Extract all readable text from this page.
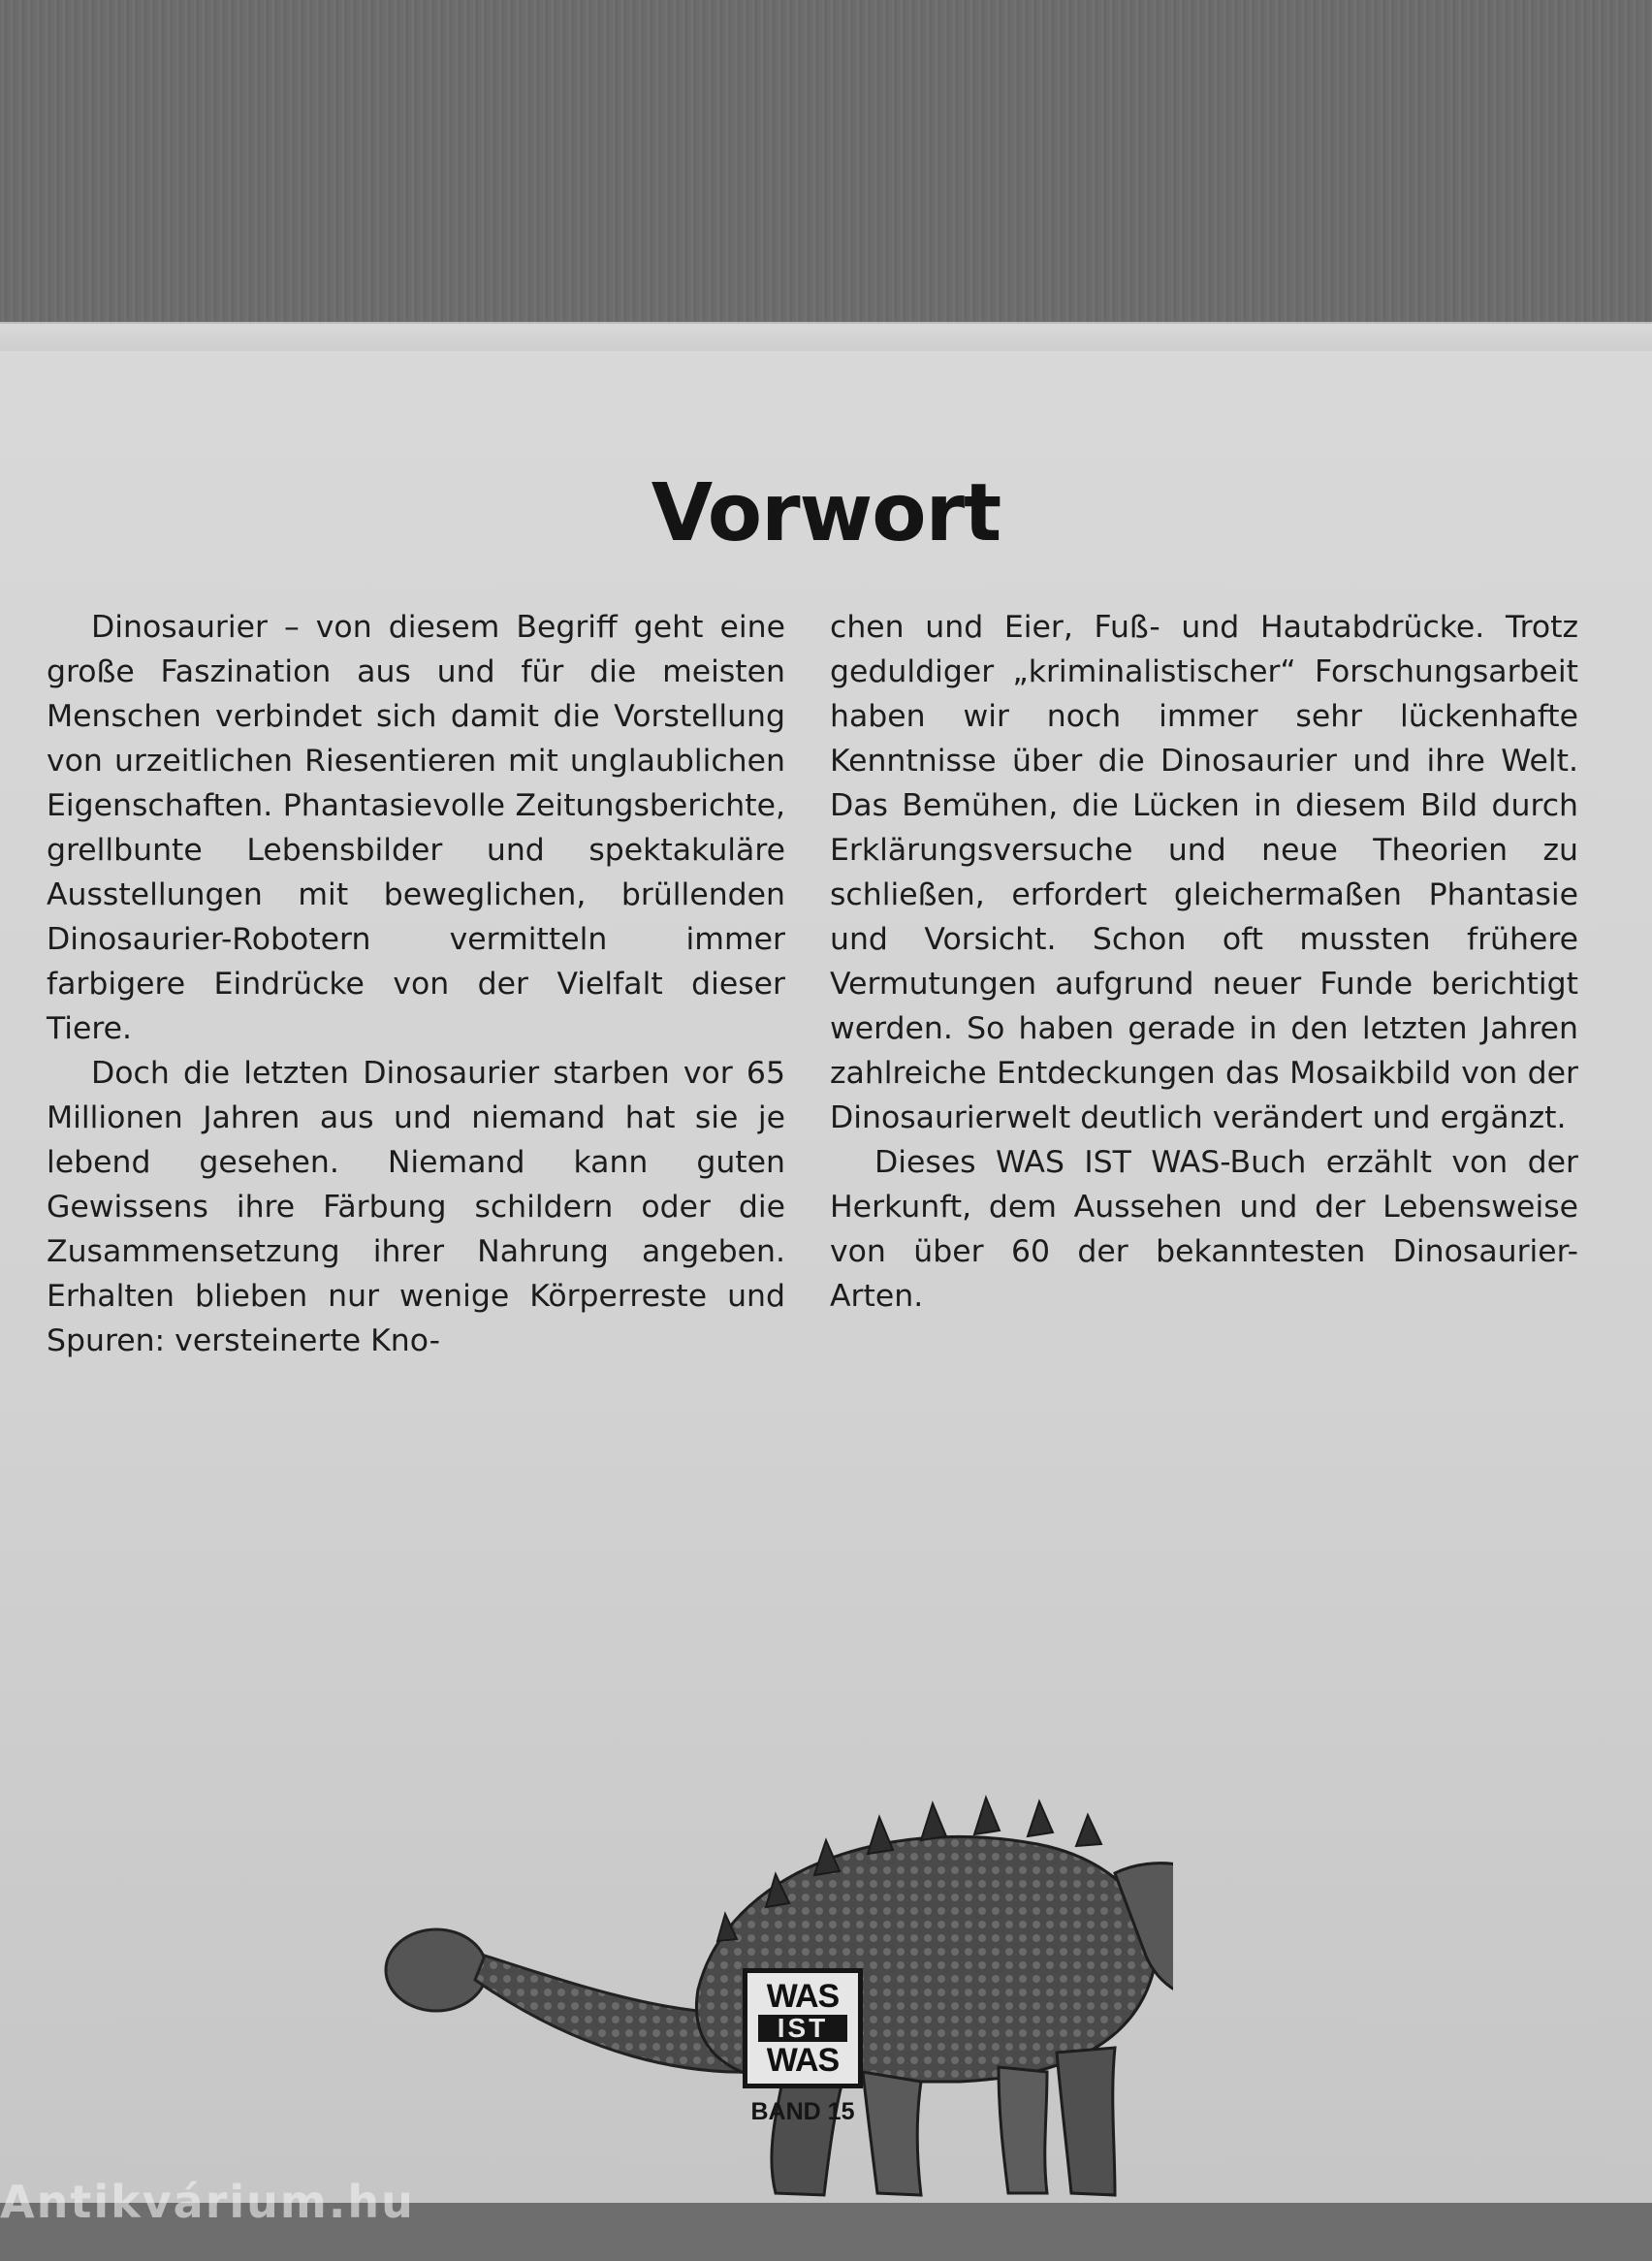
Vorwort

Dinosaurier – von diesem Begriff geht eine große Faszination aus und für die meisten Menschen verbindet sich damit die Vorstellung von urzeitlichen Riesentieren mit unglaublichen Eigenschaften. Phantasievolle Zeitungsberichte, grellbunte Lebensbilder und spektakuläre Ausstellungen mit beweglichen, brüllenden Dinosaurier-Robotern vermitteln immer farbigere Eindrücke von der Vielfalt dieser Tiere.

Doch die letzten Dinosaurier starben vor 65 Millionen Jahren aus und niemand hat sie je lebend gesehen. Niemand kann guten Gewissens ihre Färbung schildern oder die Zusammensetzung ihrer Nahrung angeben. Erhalten blieben nur wenige Körperreste und Spuren: versteinerte Kno-

chen und Eier, Fuß- und Hautabdrücke. Trotz geduldiger „kriminalistischer“ Forschungsarbeit haben wir noch immer sehr lückenhafte Kenntnisse über die Dinosaurier und ihre Welt. Das Bemühen, die Lücken in diesem Bild durch Erklärungsversuche und neue Theorien zu schließen, erfordert gleichermaßen Phantasie und Vorsicht. Schon oft mussten frühere Vermutungen aufgrund neuer Funde berichtigt werden. So haben gerade in den letzten Jahren zahlreiche Entdeckungen das Mosaikbild von der Dinosaurierwelt deutlich verändert und ergänzt.

Dieses WAS IST WAS-Buch erzählt von der Herkunft, dem Aussehen und der Lebensweise von über 60 der bekanntesten Dinosaurier-Arten.

WAS
IST
WAS
BAND 15
Antikvárium.hu
